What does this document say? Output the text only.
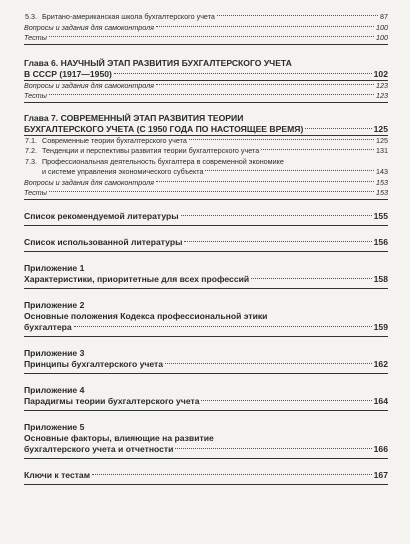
5.3. Британо-американская школа бухгалтерского учета	87
Вопросы и задания для самоконтроля	100
Тесты	100
Глава 6. НАУЧНЫЙ ЭТАП РАЗВИТИЯ БУХГАЛТЕРСКОГО УЧЕТА
В СССР (1917—1950)	102
Вопросы и задания для самоконтроля	123
Тесты	123
Глава 7. СОВРЕМЕННЫЙ ЭТАП РАЗВИТИЯ ТЕОРИИ
БУХГАЛТЕРСКОГО УЧЕТА (С 1950 ГОДА ПО НАСТОЯЩЕЕ ВРЕМЯ)	125
7.1. Современные теории бухгалтерского учета	125
7.2. Тенденции и перспективы развития теории бухгалтерского учета	131
7.3. Профессиональная деятельность бухгалтера в современной экономике
и системе управления экономического субъекта	143
Вопросы и задания для самоконтроля	153
Тесты	153
Список рекомендуемой литературы	155
Список использованной литературы	156
Приложение 1
Характеристики, приоритетные для всех профессий	158
Приложение 2
Основные положения Кодекса профессиональной этики
бухгалтера	159
Приложение 3
Принципы бухгалтерского учета	162
Приложение 4
Парадигмы теории бухгалтерского учета	164
Приложение 5
Основные факторы, влияющие на развитие
бухгалтерского учета и отчетности	166
Ключи к тестам	167
